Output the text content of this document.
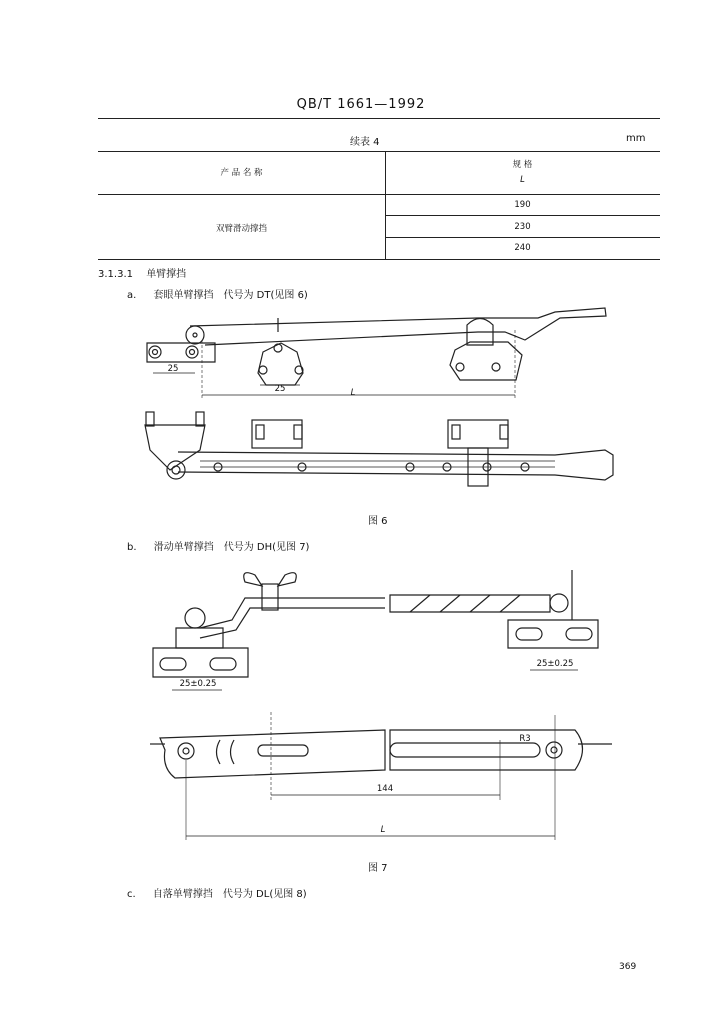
QB/T 1661—1992
续表 4	mm
产 品 名 称
规 格
L
双臂滑动撑挡
190
230
240
3.1.3.1 单臂撑挡
a. 套眼单臂撑挡　代号为 DT(见图 6)
25
25	L
图 6
b. 滑动单臂撑挡　代号为 DH(见图 7)
25±0.25
25±0.25
144
R3
L
图 7
c. 自落单臂撑挡　代号为 DL(见图 8)
369
